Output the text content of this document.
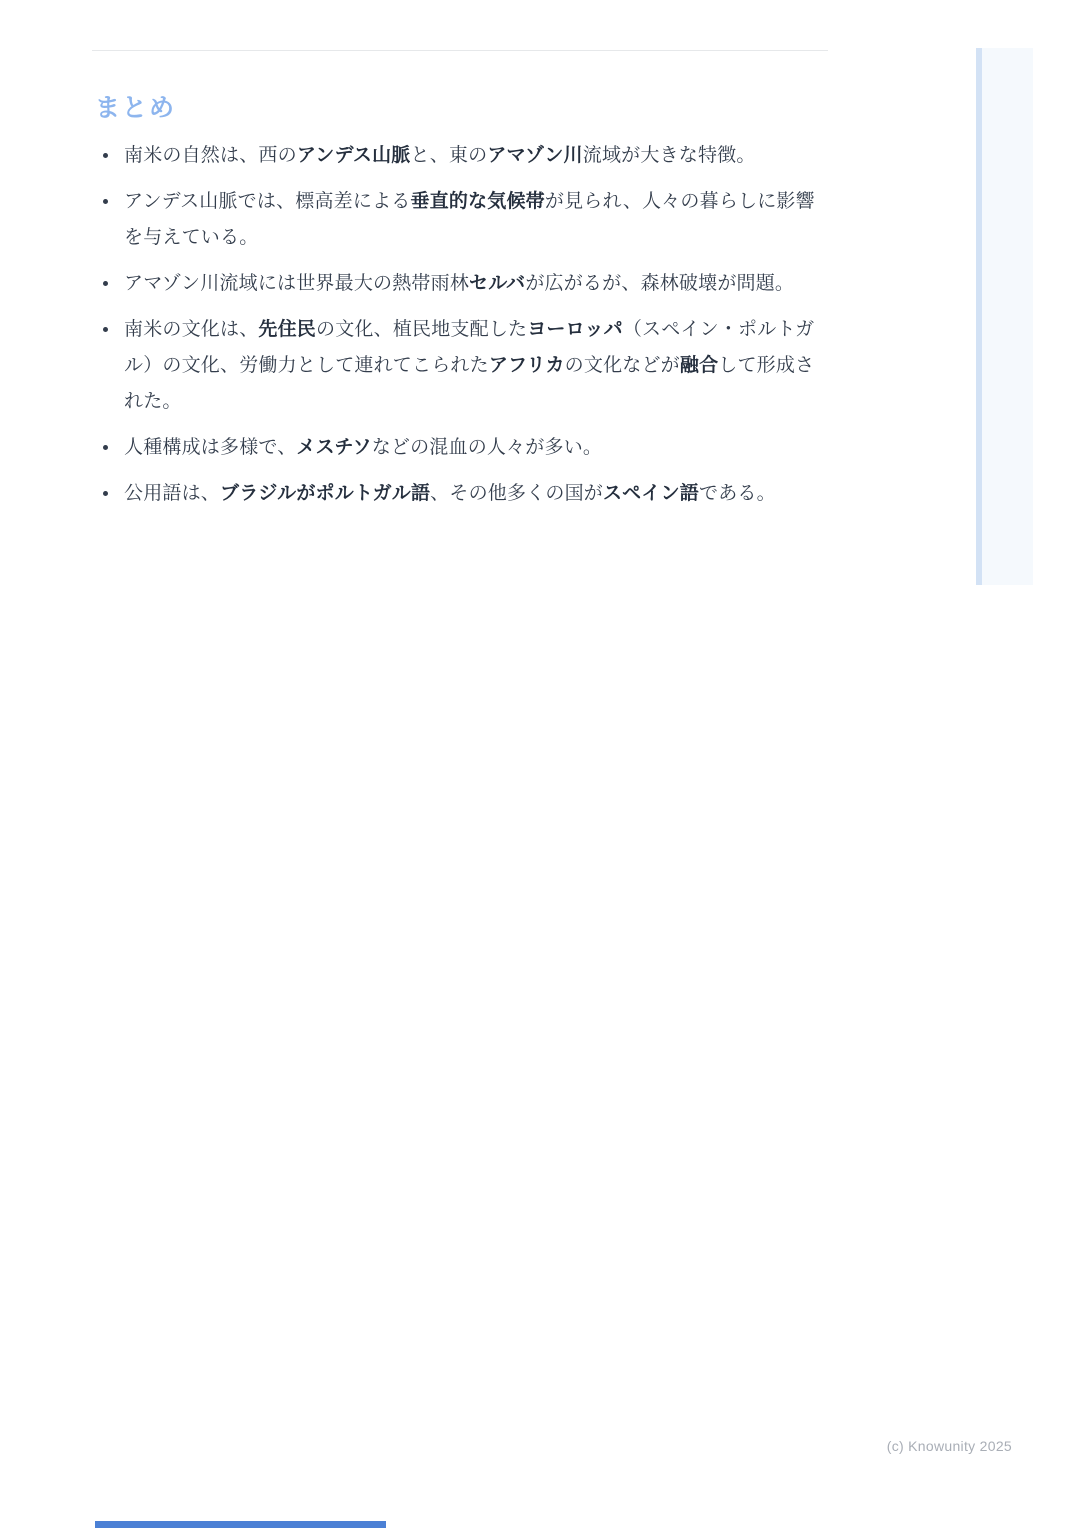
まとめ
南米の自然は、西のアンデス山脈と、東のアマゾン川流域が大きな特徴。
アンデス山脈では、標高差による垂直的な気候帯が見られ、人々の暮らしに影響を与えている。
アマゾン川流域には世界最大の熱帯雨林セルバが広がるが、森林破壊が問題。
南米の文化は、先住民の文化、植民地支配したヨーロッパ（スペイン・ポルトガル）の文化、労働力として連れてこられたアフリカの文化などが融合して形成された。
人種構成は多様で、メスチソなどの混血の人々が多い。
公用語は、ブラジルがポルトガル語、その他多くの国がスペイン語である。
(c) Knowunity 2025
